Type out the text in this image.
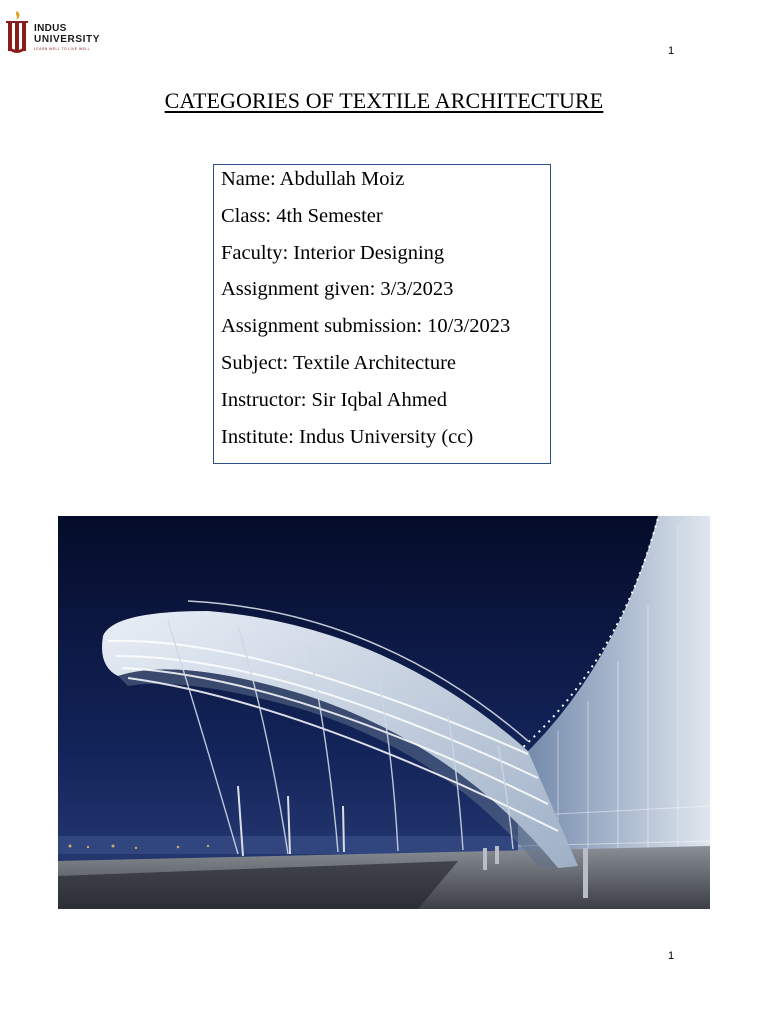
INDUS
UNIVERSITY
LEARN WELL TO LIVE WELL	1
CATEGORIES OF TEXTILE ARCHITECTURE
Name: Abdullah Moiz
Class: 4th Semester
Faculty: Interior Designing
Assignment given: 3/3/2023
Assignment submission: 10/3/2023
Subject: Textile Architecture
Instructor: Sir Iqbal Ahmed
Institute: Indus University (cc)
1
